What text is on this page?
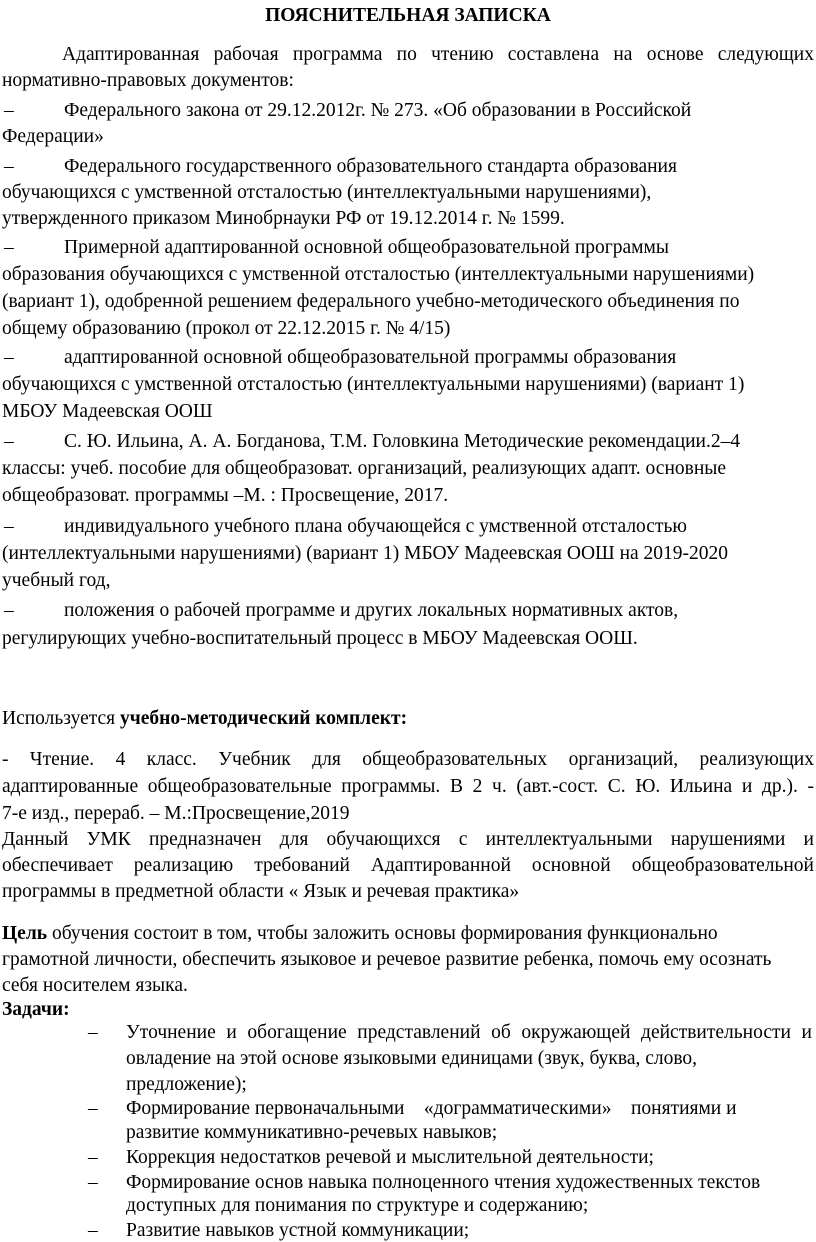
ПОЯСНИТЕЛЬНАЯ ЗАПИСКА
Адаптированная рабочая программа по чтению составлена на основе следующих
нормативно-правовых документов:
–	Федерального закона от 29.12.2012г. № 273. «Об образовании в Российской
Федерации»
–	Федерального государственного образовательного стандарта образования
обучающихся с умственной отсталостью (интеллектуальными нарушениями),
утвержденного приказом Минобрнауки РФ от 19.12.2014 г. № 1599.
–	Примерной адаптированной основной общеобразовательной программы
образования обучающихся с умственной отсталостью (интеллектуальными нарушениями)
(вариант 1), одобренной решением федерального учебно-методического объединения по
общему образованию (прокол от 22.12.2015 г. № 4/15)
–	адаптированной основной общеобразовательной программы образования
обучающихся с умственной отсталостью (интеллектуальными нарушениями) (вариант 1)
МБОУ Мадеевская ООШ
–	С. Ю. Ильина, А. А. Богданова, Т.М. Головкина Методические рекомендации.2–4
классы: учеб. пособие для общеобразоват. организаций, реализующих адапт. основные
общеобразоват. программы –М. : Просвещение, 2017.
–	индивидуального учебного плана обучающейся с умственной отсталостью
(интеллектуальными нарушениями) (вариант 1) МБОУ Мадеевская ООШ на 2019-2020
учебный год,
–	положения о рабочей программе и других локальных нормативных актов,
регулирующих учебно-воспитательный процесс в МБОУ Мадеевская ООШ.
Используется учебно-методический комплект:
- Чтение. 4 класс. Учебник для общеобразовательных организаций, реализующих
адаптированные общеобразовательные программы. В 2 ч. (авт.-сост. С. Ю. Ильина и др.). -
7-е изд., перераб. – М.:Просвещение,2019
Данный УМК предназначен для обучающихся с интеллектуальными нарушениями и
обеспечивает реализацию требований Адаптированной основной общеобразовательной
программы в предметной области « Язык и речевая практика»
Цель обучения состоит в том, чтобы заложить основы формирования функционально
грамотной личности, обеспечить языковое и речевое развитие ребенка, помочь ему осознать
себя носителем языка.
Задачи:
– Уточнение и обогащение представлений об окружающей действительности и
овладение на этой основе языковыми единицами (звук, буква, слово,
предложение);
– Формирование первоначальными    «дограмматическими»    понятиями и
развитие коммуникативно-речевых навыков;
– Коррекция недостатков речевой и мыслительной деятельности;
– Формирование основ навыка полноценного чтения художественных текстов
доступных для понимания по структуре и содержанию;
– Развитие навыков устной коммуникации;
